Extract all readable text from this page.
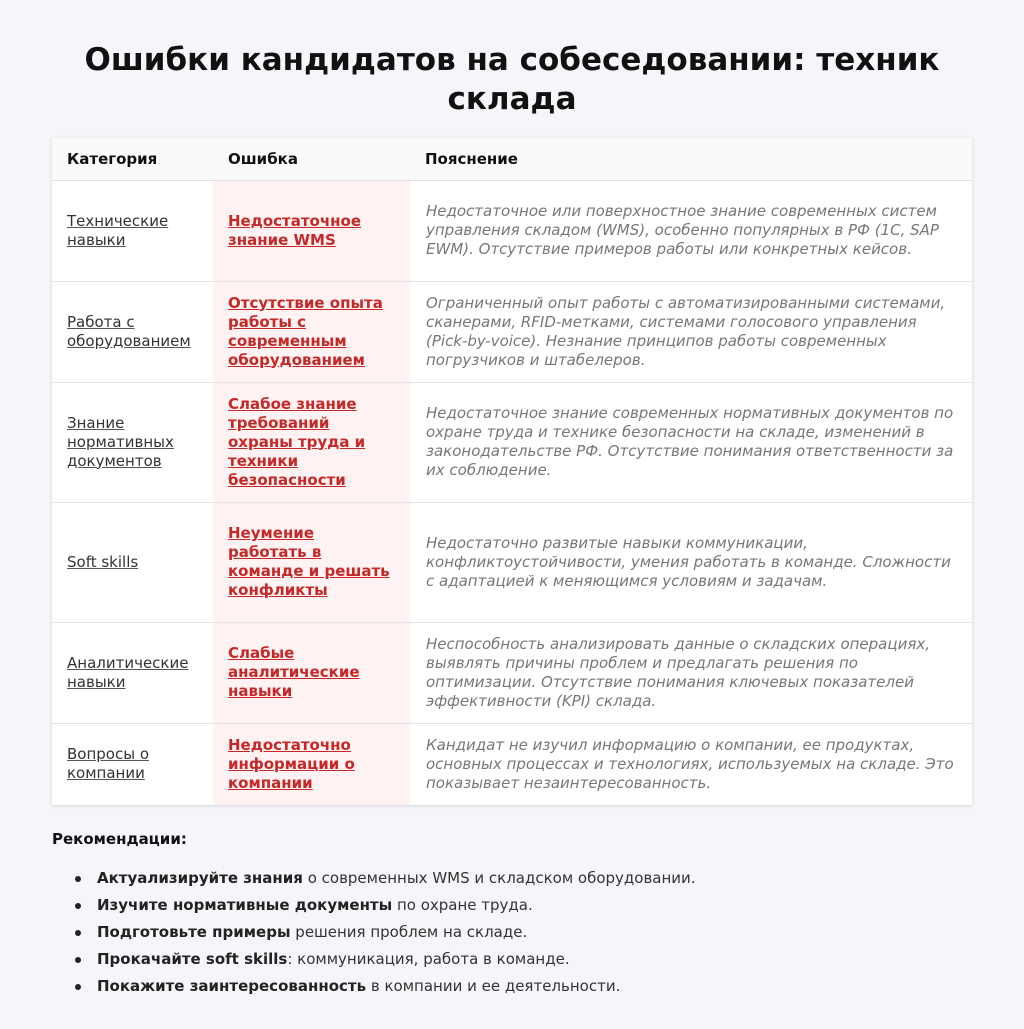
Ошибки кандидатов на собеседовании: техник склада
Категория	Ошибка	Пояснение
Технические навыки	Недостаточное знание WMS	Недостаточное или поверхностное знание современных систем управления складом (WMS), особенно популярных в РФ (1С, SAP EWM). Отсутствие примеров работы или конкретных кейсов.
Работа с оборудованием	Отсутствие опыта работы с современным оборудованием	Ограниченный опыт работы с автоматизированными системами, сканерами, RFID-метками, системами голосового управления (Pick-by-voice). Незнание принципов работы современных погрузчиков и штабелеров.
Знание нормативных документов	Слабое знание требований охраны труда и техники безопасности	Недостаточное знание современных нормативных документов по охране труда и технике безопасности на складе, изменений в законодательстве РФ. Отсутствие понимания ответственности за их соблюдение.
Soft skills	Неумение работать в команде и решать конфликты	Недостаточно развитые навыки коммуникации, конфликтоустойчивости, умения работать в команде. Сложности с адаптацией к меняющимся условиям и задачам.
Аналитические навыки	Слабые аналитические навыки	Неспособность анализировать данные о складских операциях, выявлять причины проблем и предлагать решения по оптимизации. Отсутствие понимания ключевых показателей эффективности (KPI) склада.
Вопросы о компании	Недостаточно информации о компании	Кандидат не изучил информацию о компании, ее продуктах, основных процессах и технологиях, используемых на складе. Это показывает незаинтересованность.
Рекомендации:
Актуализируйте знания о современных WMS и складском оборудовании.
Изучите нормативные документы по охране труда.
Подготовьте примеры решения проблем на складе.
Прокачайте soft skills: коммуникация, работа в команде.
Покажите заинтересованность в компании и ее деятельности.
